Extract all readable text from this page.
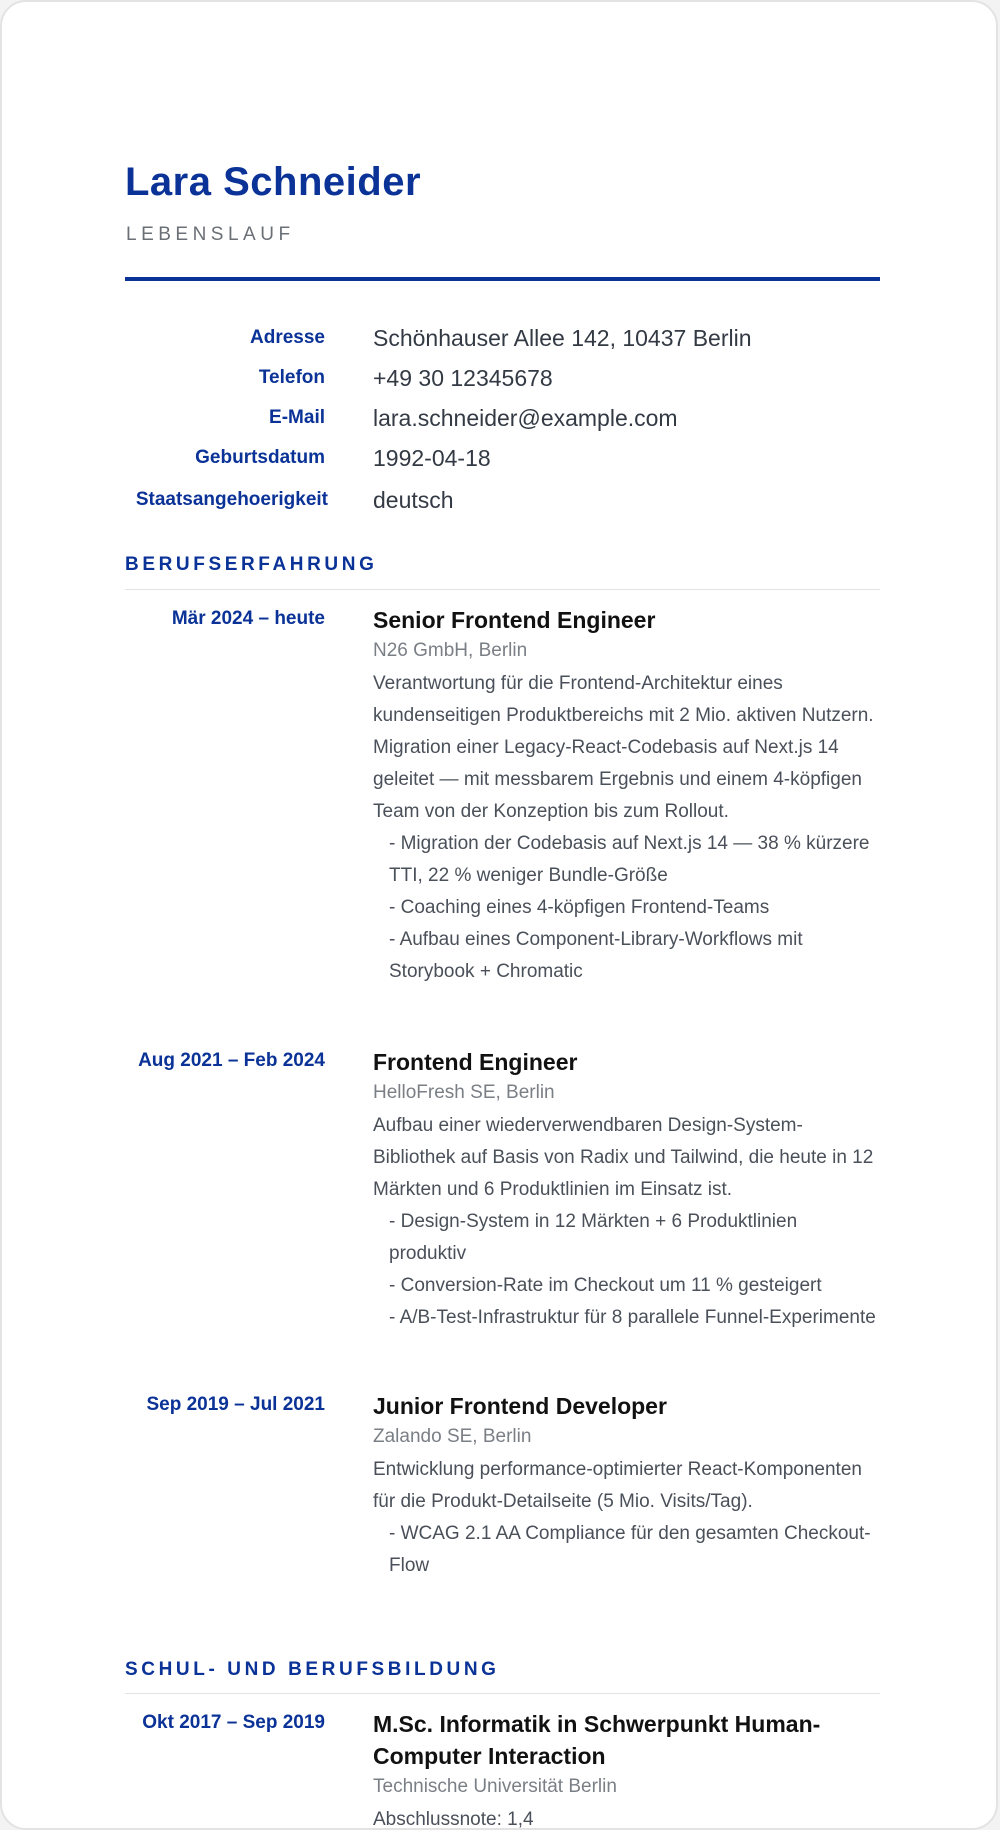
Lara Schneider
LEBENSLAUF
Adresse Schönhauser Allee 142, 10437 Berlin
Telefon +49 30 12345678
E-Mail lara.schneider@example.com
Geburtsdatum 1992-04-18
Staatsangehoerigkeit deutsch
BERUFSERFAHRUNG
Mär 2024 – heute Senior Frontend Engineer
N26 GmbH, Berlin
Verantwortung für die Frontend-Architektur eines kundenseitigen Produktbereichs mit 2 Mio. aktiven Nutzern. Migration einer Legacy-React-Codebasis auf Next.js 14 geleitet — mit messbarem Ergebnis und einem 4-köpfigen Team von der Konzeption bis zum Rollout.
- Migration der Codebasis auf Next.js 14 — 38 % kürzere TTI, 22 % weniger Bundle-Größe
- Coaching eines 4-köpfigen Frontend-Teams
- Aufbau eines Component-Library-Workflows mit Storybook + Chromatic
Aug 2021 – Feb 2024 Frontend Engineer
HelloFresh SE, Berlin
Aufbau einer wiederverwendbaren Design-System-Bibliothek auf Basis von Radix und Tailwind, die heute in 12 Märkten und 6 Produktlinien im Einsatz ist.
- Design-System in 12 Märkten + 6 Produktlinien produktiv
- Conversion-Rate im Checkout um 11 % gesteigert
- A/B-Test-Infrastruktur für 8 parallele Funnel-Experimente
Sep 2019 – Jul 2021 Junior Frontend Developer
Zalando SE, Berlin
Entwicklung performance-optimierter React-Komponenten für die Produkt-Detailseite (5 Mio. Visits/Tag).
- WCAG 2.1 AA Compliance für den gesamten Checkout-Flow
SCHUL- UND BERUFSBILDUNG
Okt 2017 – Sep 2019 M.Sc. Informatik in Schwerpunkt Human-Computer Interaction
Technische Universität Berlin
Abschlussnote: 1,4
